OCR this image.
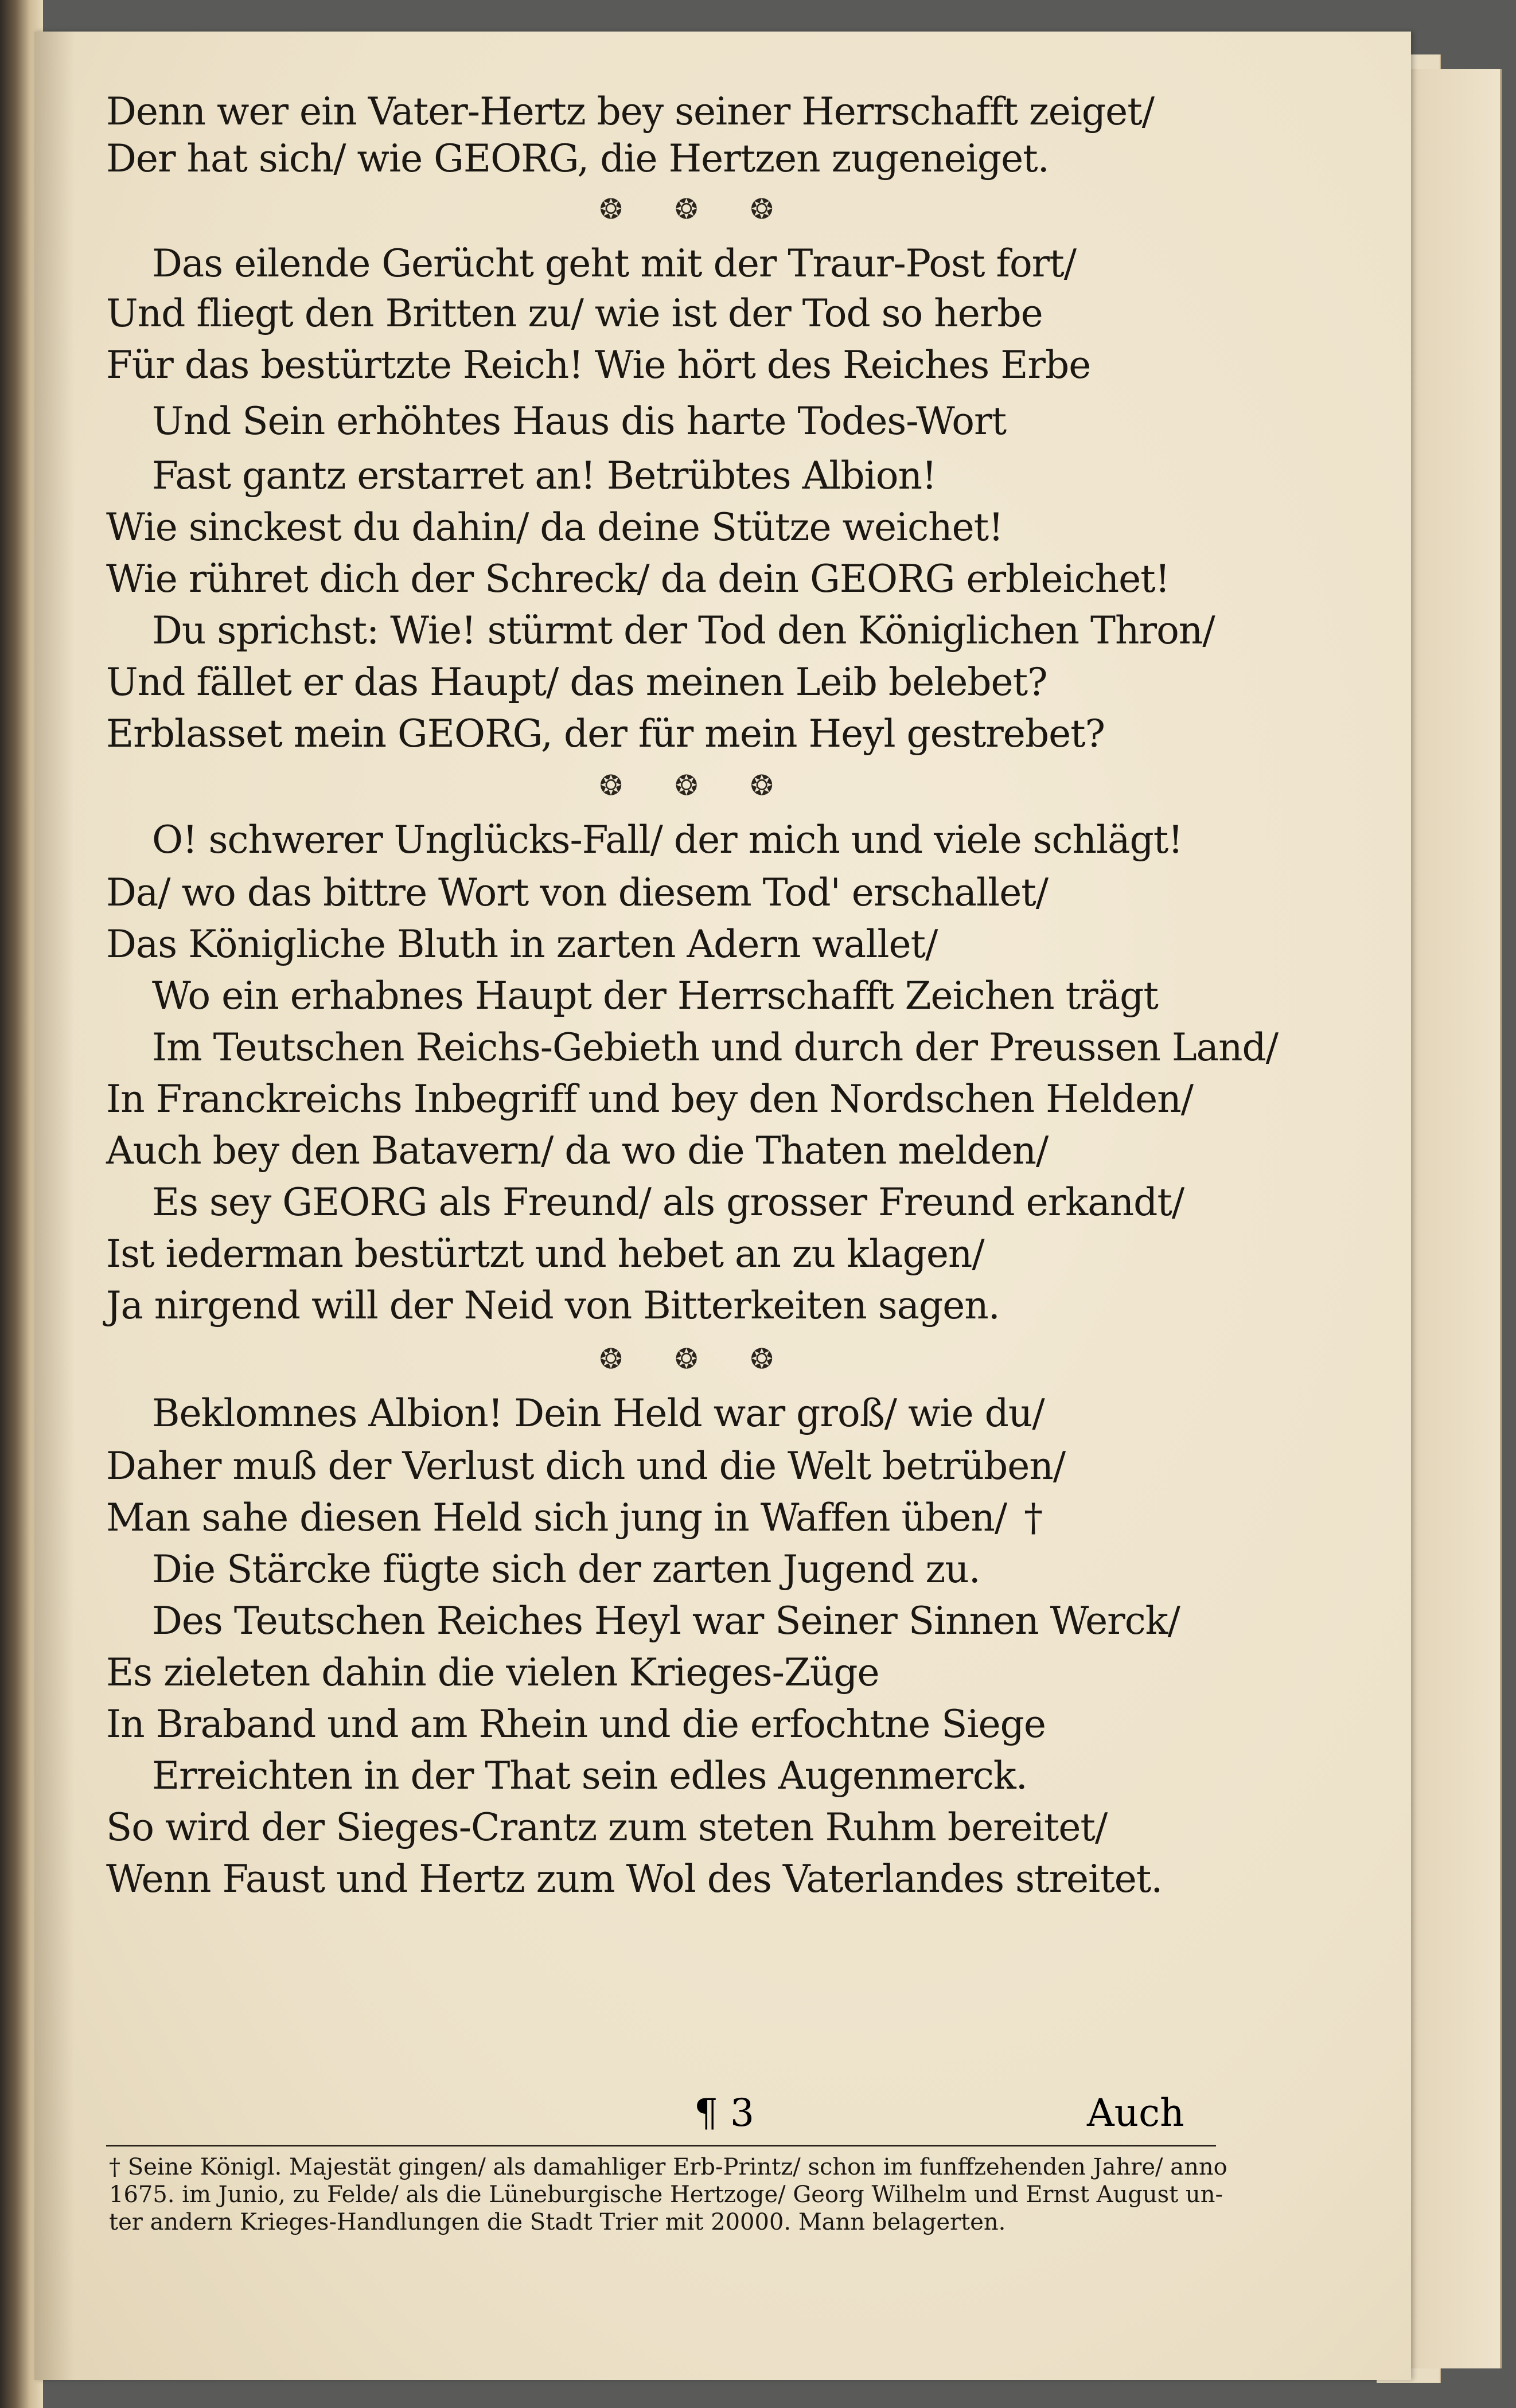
Denn wer ein Vater-Hertz bey seiner Herrschafft zeiget/
Der hat sich/ wie GEORG, die Hertzen zugeneiget.
❂ ❂ ❂
Das eilende Gerücht geht mit der Traur-Post fort/
Und fliegt den Britten zu/ wie ist der Tod so herbe
Für das bestürtzte Reich! Wie hört des Reiches Erbe
Und Sein erhöhtes Haus dis harte Todes-Wort
Fast gantz erstarret an! Betrübtes Albion!
Wie sinckest du dahin/ da deine Stütze weichet!
Wie rühret dich der Schreck/ da dein GEORG erbleichet!
Du sprichst: Wie! stürmt der Tod den Königlichen Thron/
Und fället er das Haupt/ das meinen Leib belebet?
Erblasset mein GEORG, der für mein Heyl gestrebet?
❂ ❂ ❂
O! schwerer Unglücks-Fall/ der mich und viele schlägt!
Da/ wo das bittre Wort von diesem Tod' erschallet/
Das Königliche Bluth in zarten Adern wallet/
Wo ein erhabnes Haupt der Herrschafft Zeichen trägt
Im Teutschen Reichs-Gebieth und durch der Preussen Land/
In Franckreichs Inbegriff und bey den Nordschen Helden/
Auch bey den Batavern/ da wo die Thaten melden/
Es sey GEORG als Freund/ als grosser Freund erkandt/
Ist iederman bestürtzt und hebet an zu klagen/
Ja nirgend will der Neid von Bitterkeiten sagen.
❂ ❂ ❂
Beklomnes Albion! Dein Held war groß/ wie du/
Daher muß der Verlust dich und die Welt betrüben/
Man sahe diesen Held sich jung in Waffen üben/ †
Die Stärcke fügte sich der zarten Jugend zu.
Des Teutschen Reiches Heyl war Seiner Sinnen Werck/
Es zieleten dahin die vielen Krieges-Züge
In Braband und am Rhein und die erfochtne Siege
Erreichten in der That sein edles Augenmerck.
So wird der Sieges-Crantz zum steten Ruhm bereitet/
Wenn Faust und Hertz zum Wol des Vaterlandes streitet.
¶ 3	Auch
† Seine Königl. Majestät gingen/ als damahliger Erb-Printz/ schon im funffzehenden Jahre/ anno
1675. im Junio, zu Felde/ als die Lüneburgische Hertzoge/ Georg Wilhelm und Ernst August un-
ter andern Krieges-Handlungen die Stadt Trier mit 20000. Mann belagerten.
